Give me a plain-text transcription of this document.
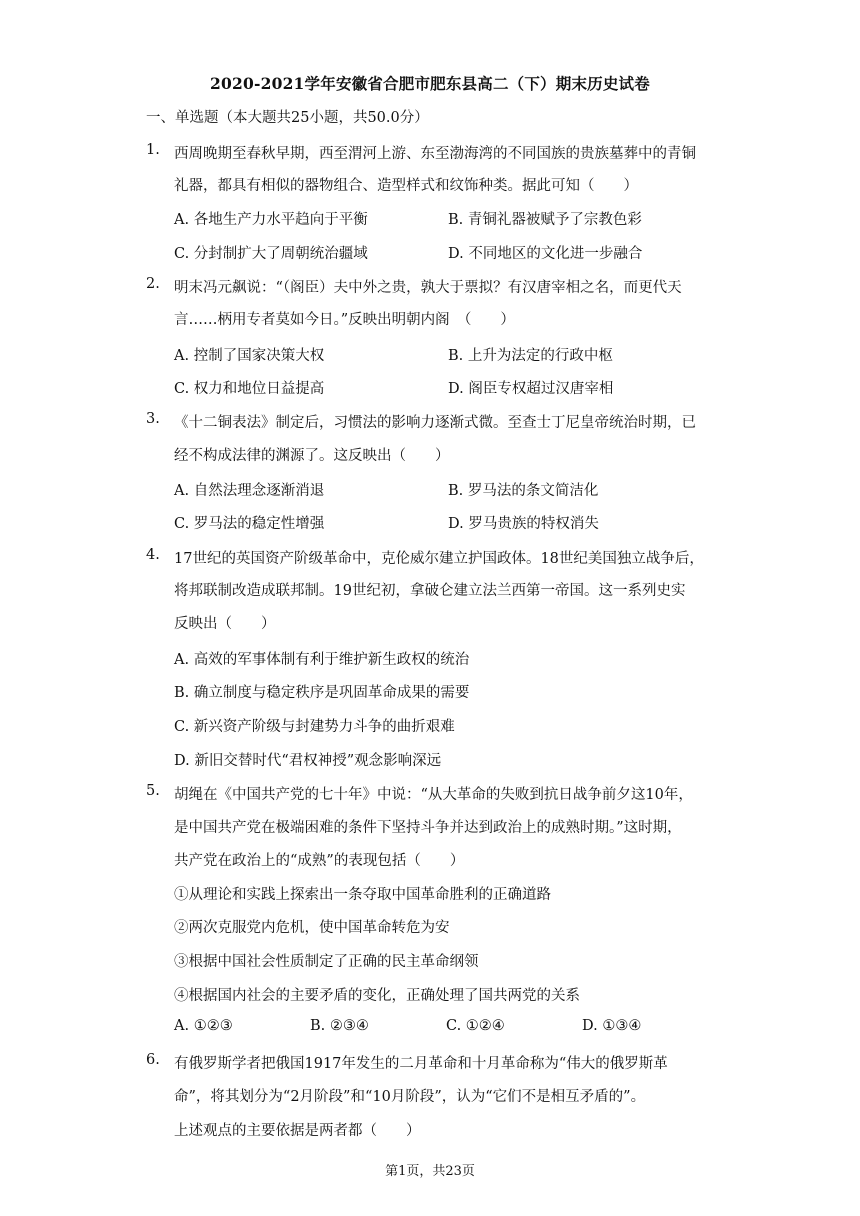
2020-2021学年安徽省合肥市肥东县高二（下）期末历史试卷
一、单选题（本大题共25小题，共50.0分）
1. 西周晚期至春秋早期，西至渭河上游、东至渤海湾的不同国族的贵族墓葬中的青铜
礼器，都具有相似的器物组合、造型样式和纹饰种类。据此可知（　　）
A. 各地生产力水平趋向于平衡	B. 青铜礼器被赋予了宗教色彩
C. 分封制扩大了周朝统治疆域	D. 不同地区的文化进一步融合
2. 明末冯元飙说：“（阁臣）夫中外之贵，孰大于票拟？有汉唐宰相之名，而更代天
言……柄用专者莫如今日。”反映出明朝内阁　（　　）
A. 控制了国家决策大权	B. 上升为法定的行政中枢
C. 权力和地位日益提高	D. 阁臣专权超过汉唐宰相
3. 《十二铜表法》制定后，习惯法的影响力逐渐式微。至查士丁尼皇帝统治时期，已
经不构成法律的渊源了。这反映出（　　）
A. 自然法理念逐渐消退	B. 罗马法的条文简洁化
C. 罗马法的稳定性增强	D. 罗马贵族的特权消失
4. 17世纪的英国资产阶级革命中，克伦威尔建立护国政体。18世纪美国独立战争后，
将邦联制改造成联邦制。19世纪初，拿破仑建立法兰西第一帝国。这一系列史实
反映出（　　）
A. 高效的军事体制有利于维护新生政权的统治
B. 确立制度与稳定秩序是巩固革命成果的需要
C. 新兴资产阶级与封建势力斗争的曲折艰难
D. 新旧交替时代“君权神授”观念影响深远
5. 胡绳在《中国共产党的七十年》中说：“从大革命的失败到抗日战争前夕这10年，
是中国共产党在极端困难的条件下坚持斗争并达到政治上的成熟时期。”这时期，
共产党在政治上的“成熟”的表现包括（　　）
①从理论和实践上探索出一条夺取中国革命胜利的正确道路
②两次克服党内危机，使中国革命转危为安
③根据中国社会性质制定了正确的民主革命纲领
④根据国内社会的主要矛盾的变化，正确处理了国共两党的关系
A. ①②③	B. ②③④	C. ①②④	D. ①③④
6. 有俄罗斯学者把俄国1917年发生的二月革命和十月革命称为“伟大的俄罗斯革
命”，将其划分为“2月阶段”和“10月阶段”，认为“它们不是相互矛盾的”。
上述观点的主要依据是两者都（　　）
第1页，共23页
